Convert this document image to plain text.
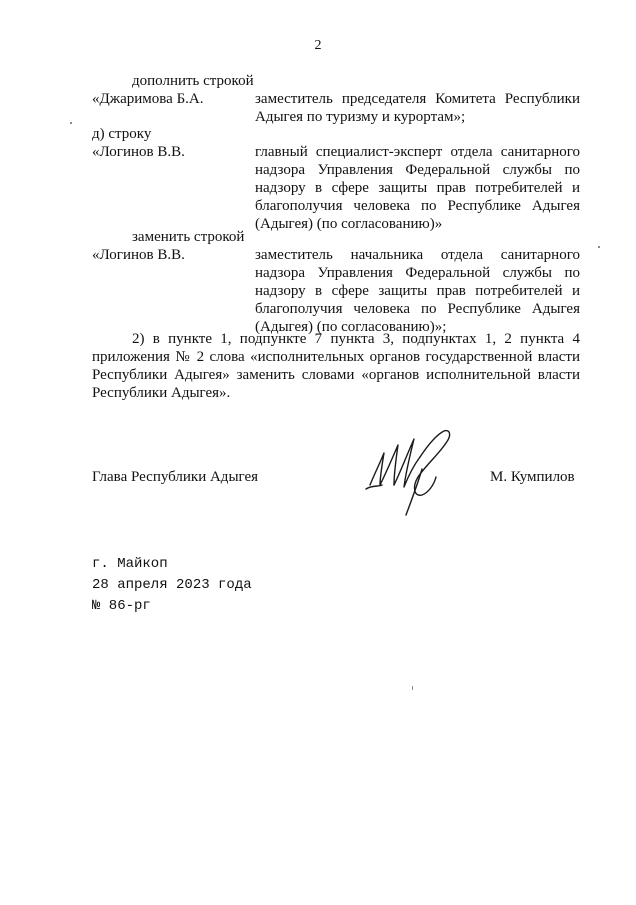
2
дополнить строкой
«Джаримова Б.А.	заместитель председателя Комитета Республики
Адыгея по туризму и курортам»;
д) строку
«Логинов В.В.	главный специалист-эксперт отдела санитарного
надзора Управления Федеральной службы по
надзору в сфере защиты прав потребителей и
благополучия человека по Республике Адыгея
(Адыгея) (по согласованию)»
заменить строкой
«Логинов В.В.	заместитель начальника отдела санитарного
надзора Управления Федеральной службы по
надзору в сфере защиты прав потребителей и
благополучия человека по Республике Адыгея
(Адыгея) (по согласованию)»;
2) в пункте 1, подпункте 7 пункта 3, подпунктах 1, 2 пункта 4
приложения № 2 слова «исполнительных органов государственной власти
Республики Адыгея» заменить словами «органов исполнительной власти
Республики Адыгея».
Глава Республики Адыгея	М. Кумпилов
г. Майкоп
28 апреля 2023 года
№ 86-рг
